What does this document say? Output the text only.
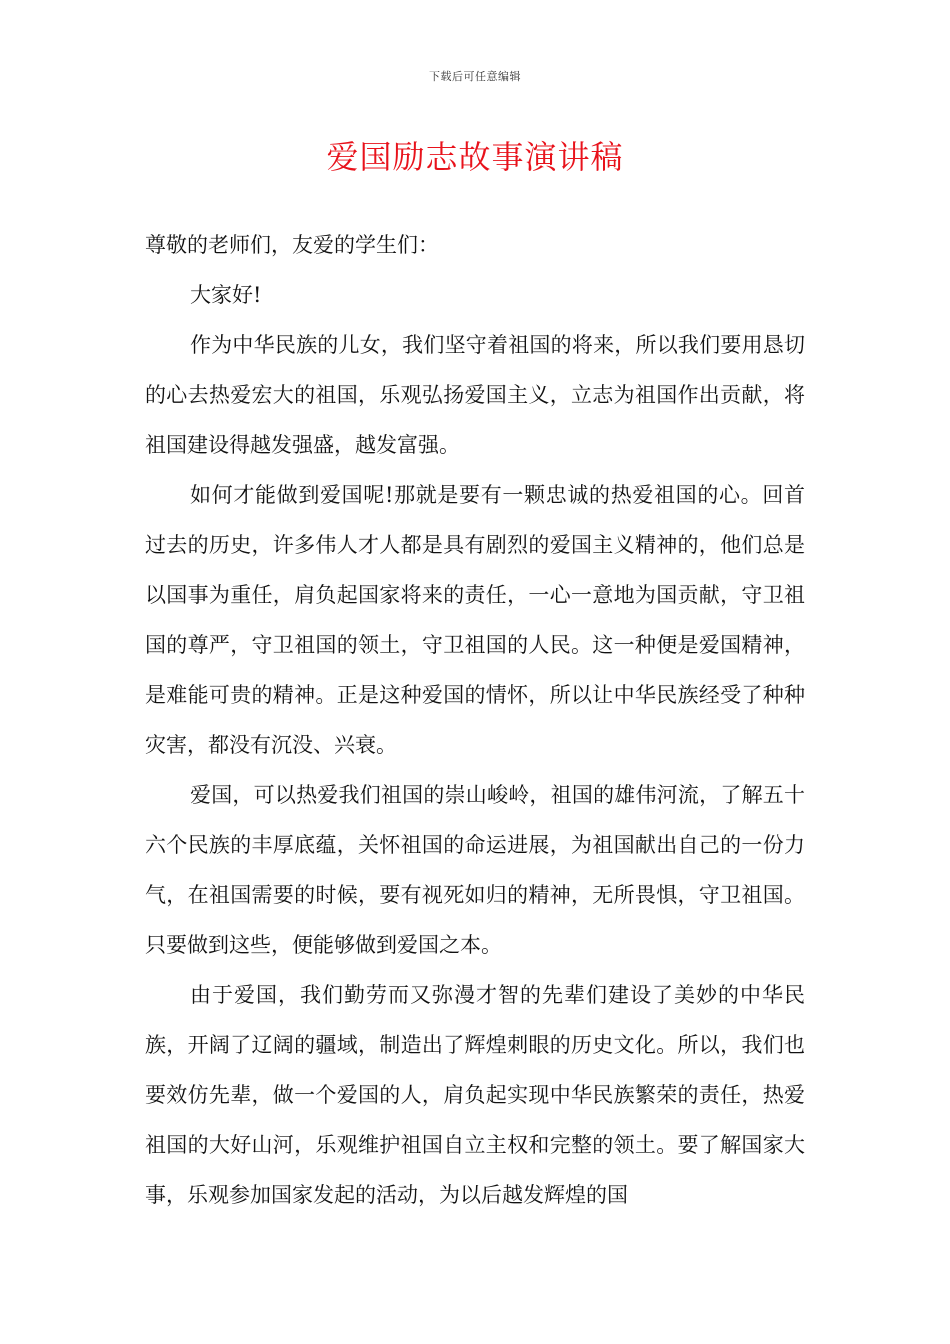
下载后可任意编辑
爱国励志故事演讲稿

尊敬的老师们，友爱的学生们：

大家好!

作为中华民族的儿女，我们坚守着祖国的将来，所以我们要用恳切的心去热爱宏大的祖国，乐观弘扬爱国主义，立志为祖国作出贡献，将祖国建设得越发强盛，越发富强。

如何才能做到爱国呢!那就是要有一颗忠诚的热爱祖国的心。回首过去的历史，许多伟人才人都是具有剧烈的爱国主义精神的，他们总是以国事为重任，肩负起国家将来的责任，一心一意地为国贡献，守卫祖国的尊严，守卫祖国的领土，守卫祖国的人民。这一种便是爱国精神，是难能可贵的精神。正是这种爱国的情怀，所以让中华民族经受了种种灾害，都没有沉没、兴衰。

爱国，可以热爱我们祖国的崇山峻岭，祖国的雄伟河流，了解五十六个民族的丰厚底蕴，关怀祖国的命运进展，为祖国献出自己的一份力气，在祖国需要的时候，要有视死如归的精神，无所畏惧，守卫祖国。只要做到这些，便能够做到爱国之本。

由于爱国，我们勤劳而又弥漫才智的先辈们建设了美妙的中华民族，开阔了辽阔的疆域，制造出了辉煌刺眼的历史文化。所以，我们也要效仿先辈，做一个爱国的人，肩负起实现中华民族繁荣的责任，热爱祖国的大好山河，乐观维护祖国自立主权和完整的领土。要了解国家大事，乐观参加国家发起的活动，为以后越发辉煌的国
